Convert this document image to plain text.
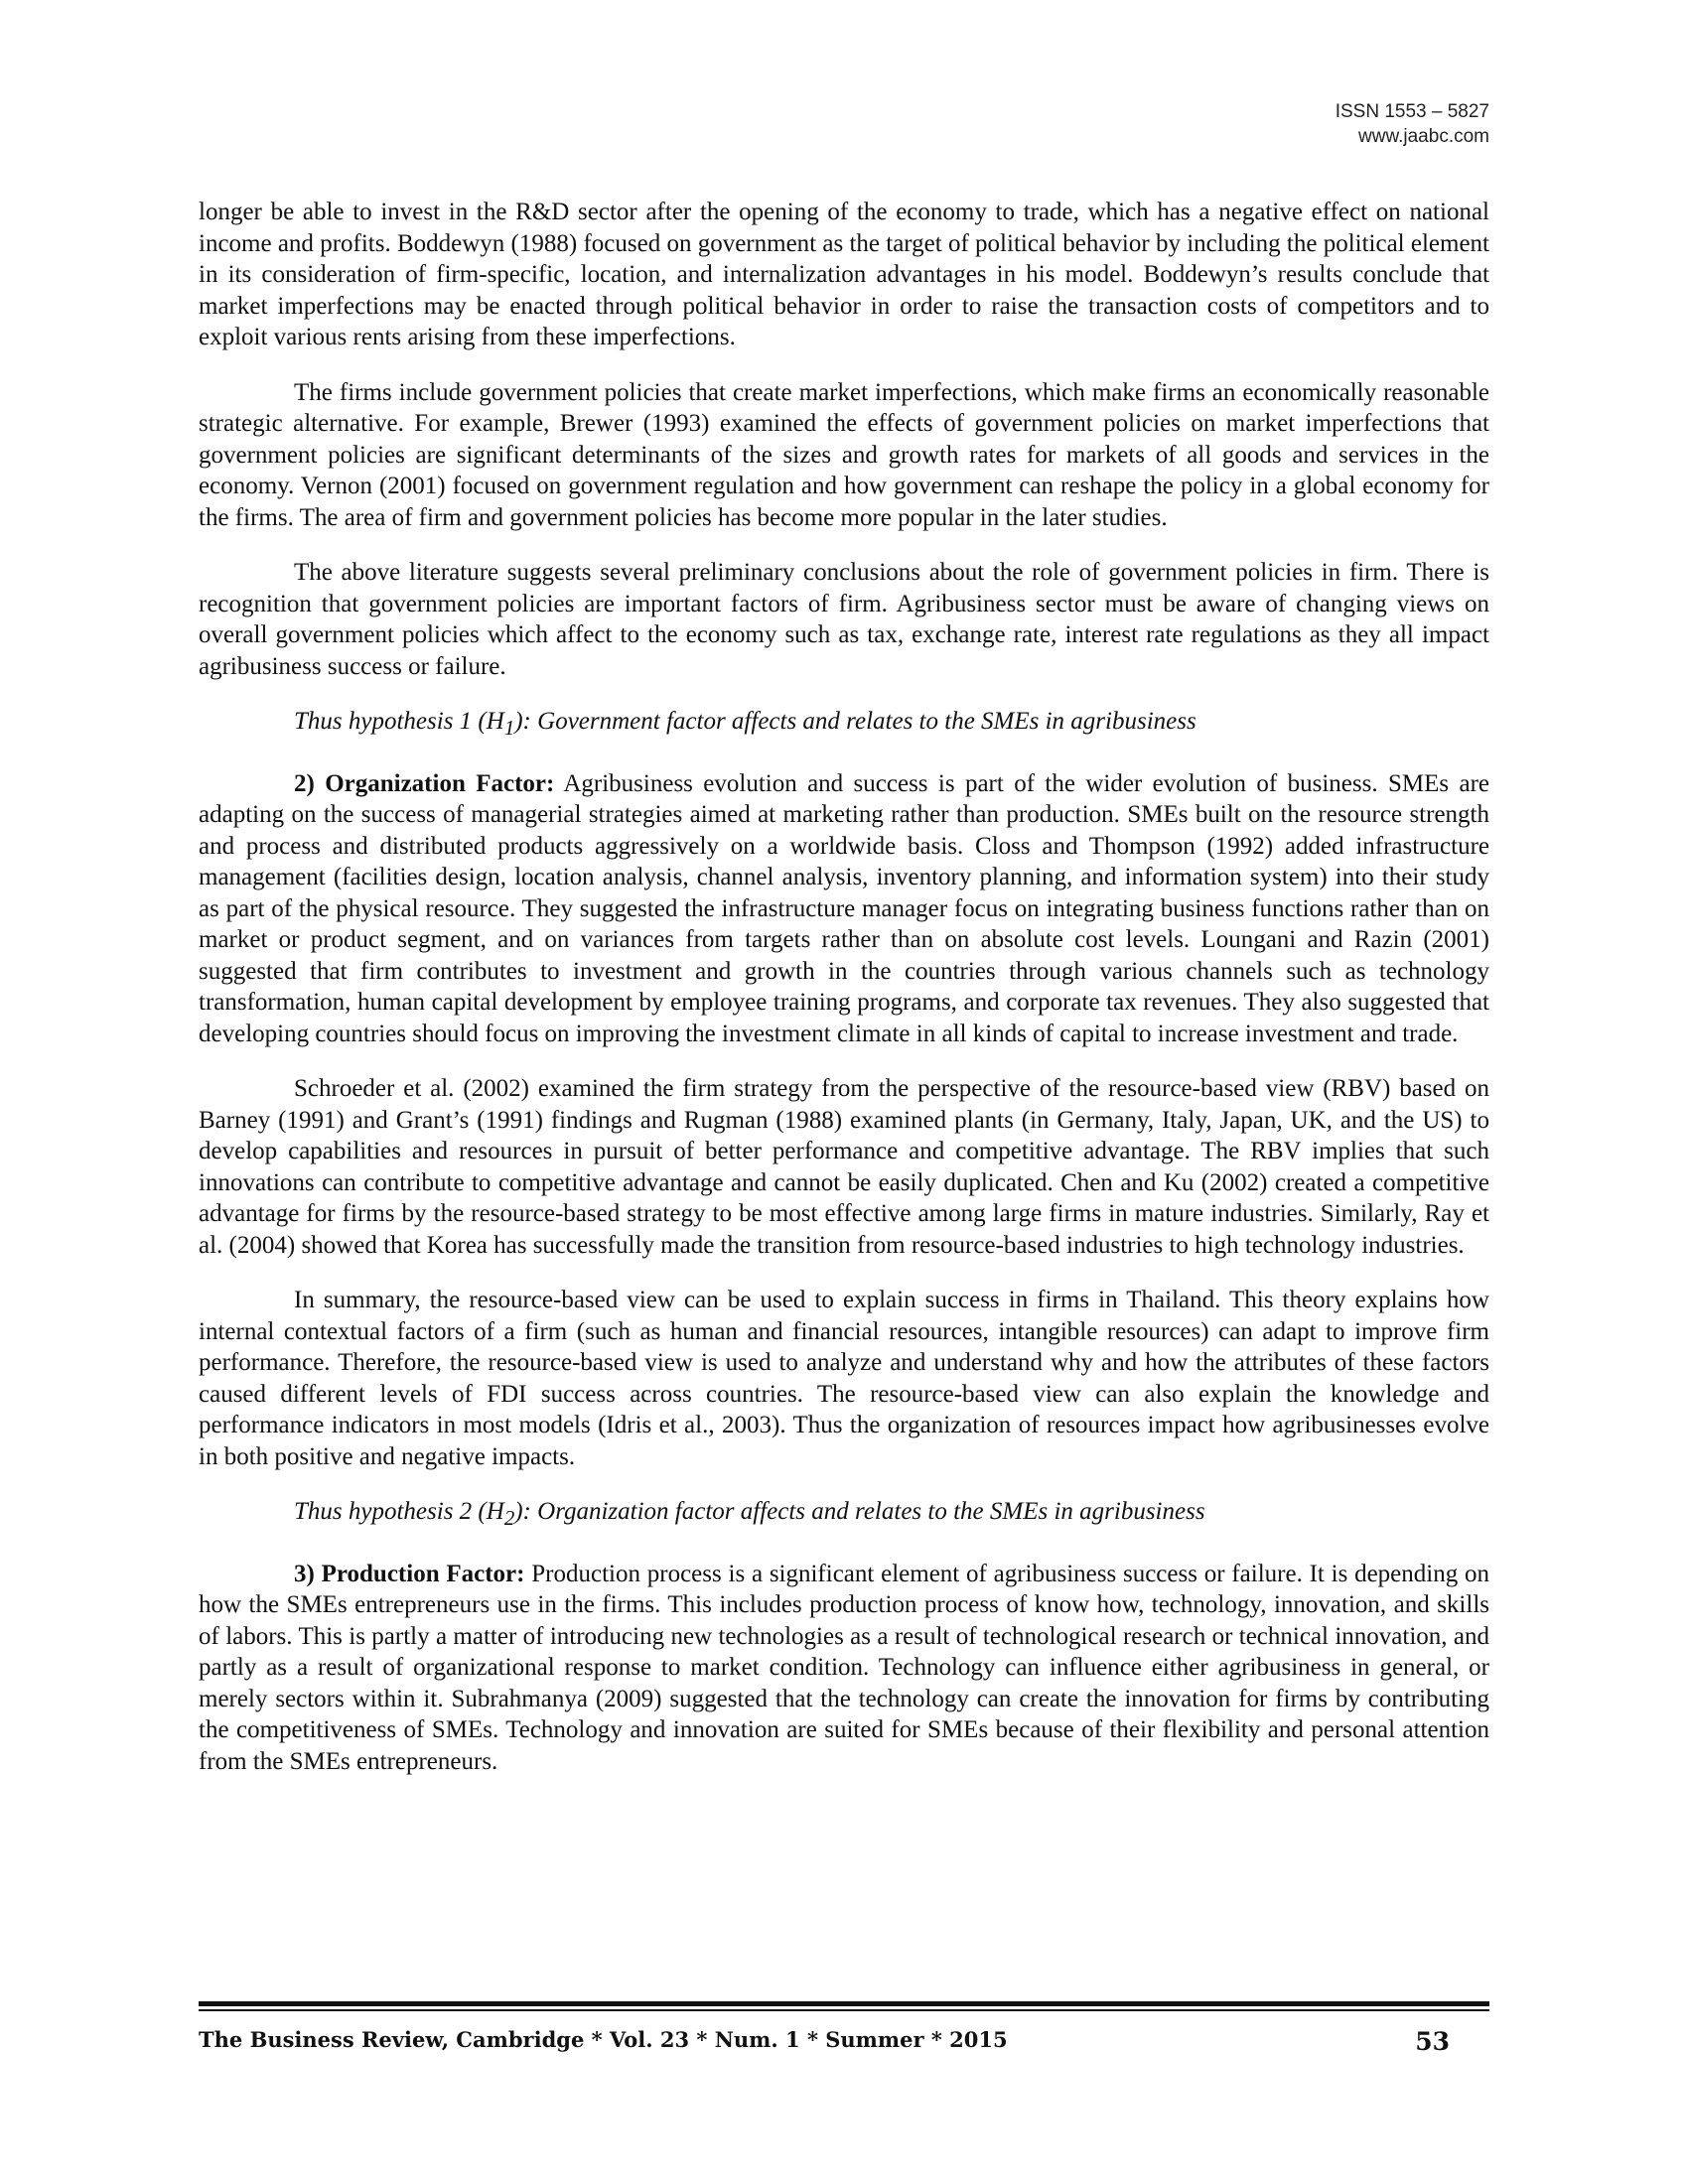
ISSN 1553 – 5827
www.jaabc.com

longer be able to invest in the R&D sector after the opening of the economy to trade, which has a negative effect on national income and profits. Boddewyn (1988) focused on government as the target of political behavior by including the political element in its consideration of firm-specific, location, and internalization advantages in his model. Boddewyn’s results conclude that market imperfections may be enacted through political behavior in order to raise the transaction costs of competitors and to exploit various rents arising from these imperfections.

The firms include government policies that create market imperfections, which make firms an economically reasonable strategic alternative. For example, Brewer (1993) examined the effects of government policies on market imperfections that government policies are significant determinants of the sizes and growth rates for markets of all goods and services in the economy. Vernon (2001) focused on government regulation and how government can reshape the policy in a global economy for the firms. The area of firm and government policies has become more popular in the later studies.

The above literature suggests several preliminary conclusions about the role of government policies in firm. There is recognition that government policies are important factors of firm. Agribusiness sector must be aware of changing views on overall government policies which affect to the economy such as tax, exchange rate, interest rate regulations as they all impact agribusiness success or failure.

Thus hypothesis 1 $(H_1)$: Government factor affects and relates to the SMEs in agribusiness

2) Organization Factor: Agribusiness evolution and success is part of the wider evolution of business. SMEs are adapting on the success of managerial strategies aimed at marketing rather than production. SMEs built on the resource strength and process and distributed products aggressively on a worldwide basis. Closs and Thompson (1992) added infrastructure management (facilities design, location analysis, channel analysis, inventory planning, and information system) into their study as part of the physical resource. They suggested the infrastructure manager focus on integrating business functions rather than on market or product segment, and on variances from targets rather than on absolute cost levels. Loungani and Razin (2001) suggested that firm contributes to investment and growth in the countries through various channels such as technology transformation, human capital development by employee training programs, and corporate tax revenues. They also suggested that developing countries should focus on improving the investment climate in all kinds of capital to increase investment and trade.

Schroeder et al. (2002) examined the firm strategy from the perspective of the resource-based view (RBV) based on Barney (1991) and Grant’s (1991) findings and Rugman (1988) examined plants (in Germany, Italy, Japan, UK, and the US) to develop capabilities and resources in pursuit of better performance and competitive advantage. The RBV implies that such innovations can contribute to competitive advantage and cannot be easily duplicated. Chen and Ku (2002) created a competitive advantage for firms by the resource-based strategy to be most effective among large firms in mature industries. Similarly, Ray et al. (2004) showed that Korea has successfully made the transition from resource-based industries to high technology industries.

In summary, the resource-based view can be used to explain success in firms in Thailand. This theory explains how internal contextual factors of a firm (such as human and financial resources, intangible resources) can adapt to improve firm performance. Therefore, the resource-based view is used to analyze and understand why and how the attributes of these factors caused different levels of FDI success across countries. The resource-based view can also explain the knowledge and performance indicators in most models (Idris et al., 2003). Thus the organization of resources impact how agribusinesses evolve in both positive and negative impacts.

Thus hypothesis 2 $(H_2)$: Organization factor affects and relates to the SMEs in agribusiness

3) Production Factor: Production process is a significant element of agribusiness success or failure. It is depending on how the SMEs entrepreneurs use in the firms. This includes production process of know how, technology, innovation, and skills of labors. This is partly a matter of introducing new technologies as a result of technological research or technical innovation, and partly as a result of organizational response to market condition. Technology can influence either agribusiness in general, or merely sectors within it. Subrahmanya (2009) suggested that the technology can create the innovation for firms by contributing the competitiveness of SMEs. Technology and innovation are suited for SMEs because of their flexibility and personal attention from the SMEs entrepreneurs.

The Business Review, Cambridge * Vol. 23 * Num. 1 * Summer * 2015	53
